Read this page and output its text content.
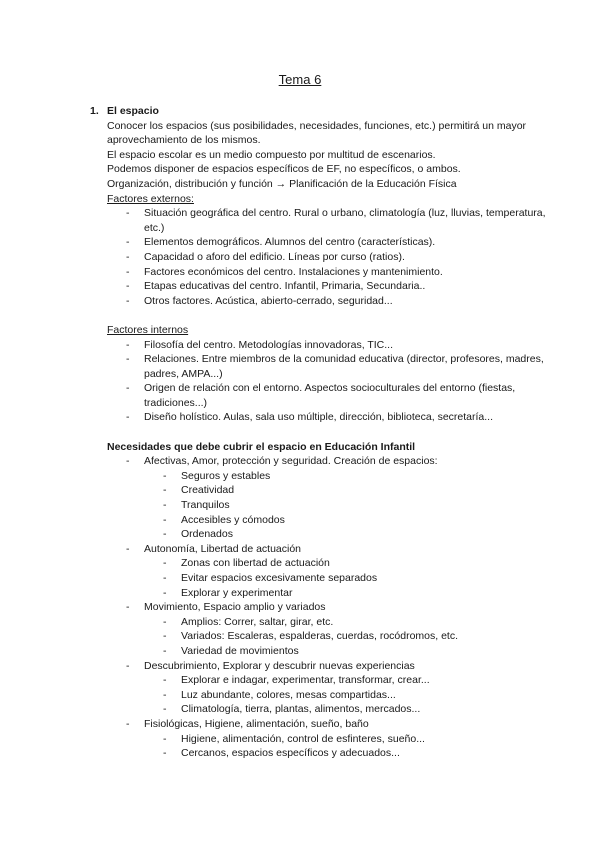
Tema 6
1. El espacio
Conocer los espacios (sus posibilidades, necesidades, funciones, etc.) permitirá un mayor aprovechamiento de los mismos.
El espacio escolar es un medio compuesto por multitud de escenarios.
Podemos disponer de espacios específicos de EF, no específicos, o ambos.
Organización, distribución y función → Planificación de la Educación Física
Factores externos:
- Situación geográfica del centro. Rural o urbano, climatología (luz, lluvias, temperatura, etc.)
- Elementos demográficos. Alumnos del centro (características).
- Capacidad o aforo del edificio. Líneas por curso (ratios).
- Factores económicos del centro. Instalaciones y mantenimiento.
- Etapas educativas del centro. Infantil, Primaria, Secundaria..
- Otros factores. Acústica, abierto-cerrado, seguridad...
Factores internos
- Filosofía del centro. Metodologías innovadoras, TIC...
- Relaciones. Entre miembros de la comunidad educativa (director, profesores, madres, padres, AMPA...)
- Origen de relación con el entorno. Aspectos socioculturales del entorno (fiestas, tradiciones...)
- Diseño holístico. Aulas, sala uso múltiple, dirección, biblioteca, secretaría...
Necesidades que debe cubrir el espacio en Educación Infantil
- Afectivas, Amor, protección y seguridad. Creación de espacios:
- Seguros y estables
- Creatividad
- Tranquilos
- Accesibles y cómodos
- Ordenados
- Autonomía, Libertad de actuación
- Zonas con libertad de actuación
- Evitar espacios excesivamente separados
- Explorar y experimentar
- Movimiento, Espacio amplio y variados
- Amplios: Correr, saltar, girar, etc.
- Variados: Escaleras, espalderas, cuerdas, rocódromos, etc.
- Variedad de movimientos
- Descubrimiento, Explorar y descubrir nuevas experiencias
- Explorar e indagar, experimentar, transformar, crear...
- Luz abundante, colores, mesas compartidas...
- Climatología, tierra, plantas, alimentos, mercados...
- Fisiológicas, Higiene, alimentación, sueño, baño
- Higiene, alimentación, control de esfinteres, sueño...
- Cercanos, espacios específicos y adecuados...
